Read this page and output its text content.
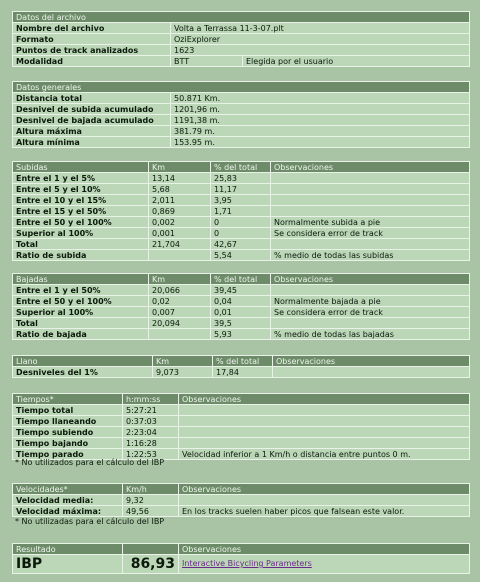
Datos del archivo		
Nombre del archivo	Volta a Terrassa 11-3-07.plt	
Formato	OziExplorer	
Puntos de track analizados	1623	
Modalidad	BTT	Elegida por el usuario
Datos generales	
Distancia total	50.871 Km.
Desnivel de subida acumulado	1201,96 m.
Desnivel de bajada acumulado	1191,38 m.
Altura máxima	381.79 m.
Altura mínima	153.95 m.
Subidas	Km	% del total	Observaciones
Entre el 1 y el 5%	13,14	25,83	
Entre el 5 y el 10%	5,68	11,17	
Entre el 10 y el 15%	2,011	3,95	
Entre el 15 y el 50%	0,869	1,71	
Entre el 50 y el 100%	0,002	0	Normalmente subida a pie
Superior al 100%	0,001	0	Se considera error de track
Total	21,704	42,67	
Ratio de subida		5,54	% medio de todas las subidas
Bajadas	Km	% del total	Observaciones
Entre el 1 y el 50%	20,066	39,45	
Entre el 50 y el 100%	0,02	0,04	Normalmente bajada a pie
Superior al 100%	0,007	0,01	Se considera error de track
Total	20,094	39,5	
Ratio de bajada		5,93	% medio de todas las bajadas
Llano	Km	% del total	Observaciones
Desniveles del 1%	9,073	17,84	
Tiempos*	h:mm:ss	Observaciones
Tiempo total	5:27:21	
Tiempo llaneando	0:37:03	
Tiempo subiendo	2:23:04	
Tiempo bajando	1:16:28	
Tiempo parado	1:22:53	Velocidad inferior a 1 Km/h o distancia entre puntos 0 m.
* No utilizados para el cálculo del IBP
Velocidades*	Km/h	Observaciones
Velocidad media:	9,32	
Velocidad máxima:	49,56	En los tracks suelen haber picos que falsean este valor.
* No utilizadas para el cálculo del IBP
Resultado		Observaciones
IBP	86,93	Interactive Bicycling Parameters
